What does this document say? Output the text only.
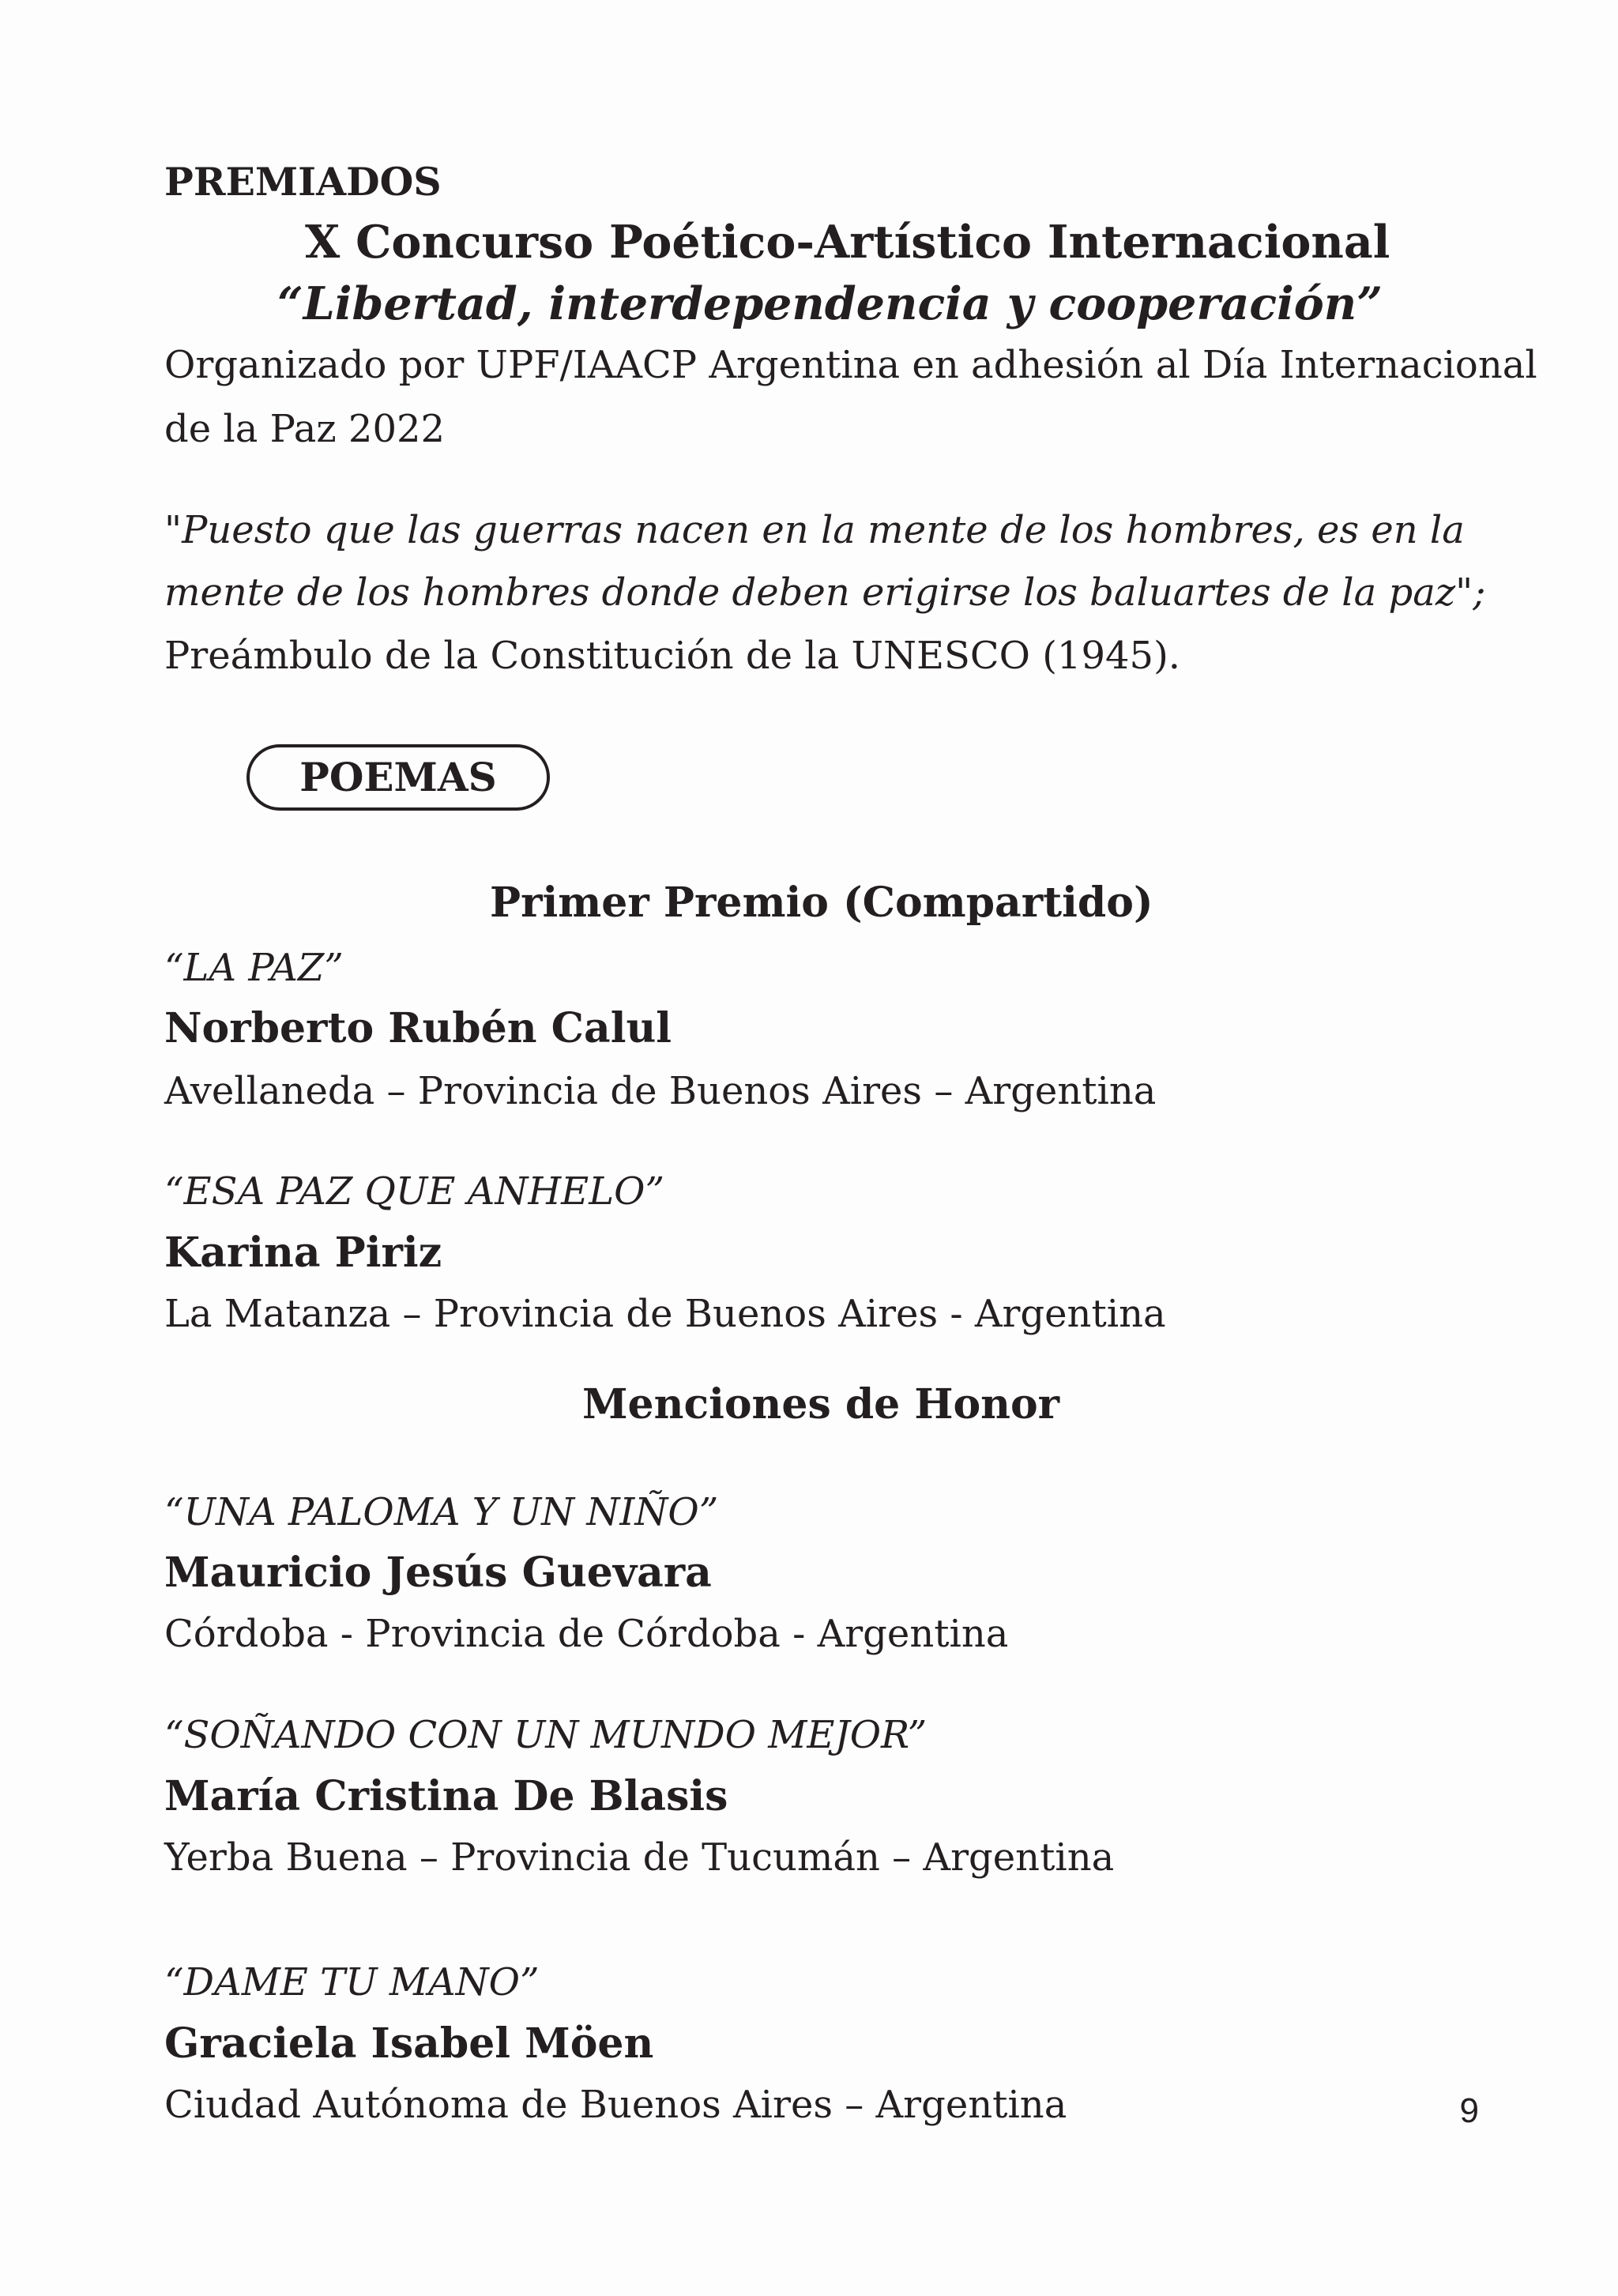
PREMIADOS
X Concurso Poético-Artístico Internacional
“Libertad, interdependencia y cooperación”
Organizado por UPF/IAACP Argentina en adhesión al Día Internacional
de la Paz 2022
"Puesto que las guerras nacen en la mente de los hombres, es en la
mente de los hombres donde deben erigirse los baluartes de la paz";
Preámbulo de la Constitución de la UNESCO (1945).
POEMAS
Primer Premio (Compartido)
“LA PAZ”
Norberto Rubén Calul
Avellaneda – Provincia de Buenos Aires – Argentina
“ESA PAZ QUE ANHELO”
Karina Piriz
La Matanza – Provincia de Buenos Aires - Argentina
Menciones de Honor
“UNA PALOMA Y UN NIÑO”
Mauricio Jesús Guevara
Córdoba - Provincia de Córdoba - Argentina
“SOÑANDO CON UN MUNDO MEJOR”
María Cristina De Blasis
Yerba Buena – Provincia de Tucumán – Argentina
“DAME TU MANO”
Graciela Isabel Möen
Ciudad Autónoma de Buenos Aires – Argentina	9
